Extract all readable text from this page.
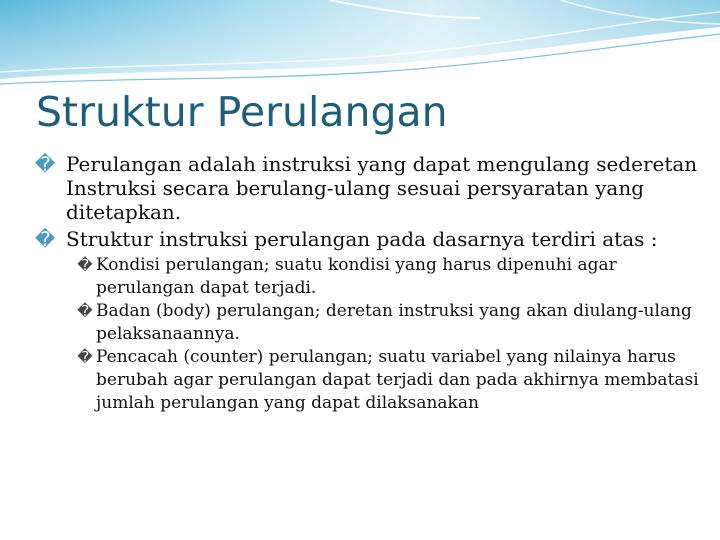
Struktur Perulangan

� Perulangan adalah instruksi yang dapat mengulang sederetan Instruksi secara berulang-ulang sesuai persyaratan yang ditetapkan.

� Struktur instruksi perulangan pada dasarnya terdiri atas :

� Kondisi perulangan; suatu kondisi yang harus dipenuhi agar perulangan dapat terjadi.

� Badan (body) perulangan; deretan instruksi yang akan diulang-ulang pelaksanaannya.

� Pencacah (counter) perulangan; suatu variabel yang nilainya harus berubah agar perulangan dapat terjadi dan pada akhirnya membatasi jumlah perulangan yang dapat dilaksanakan
